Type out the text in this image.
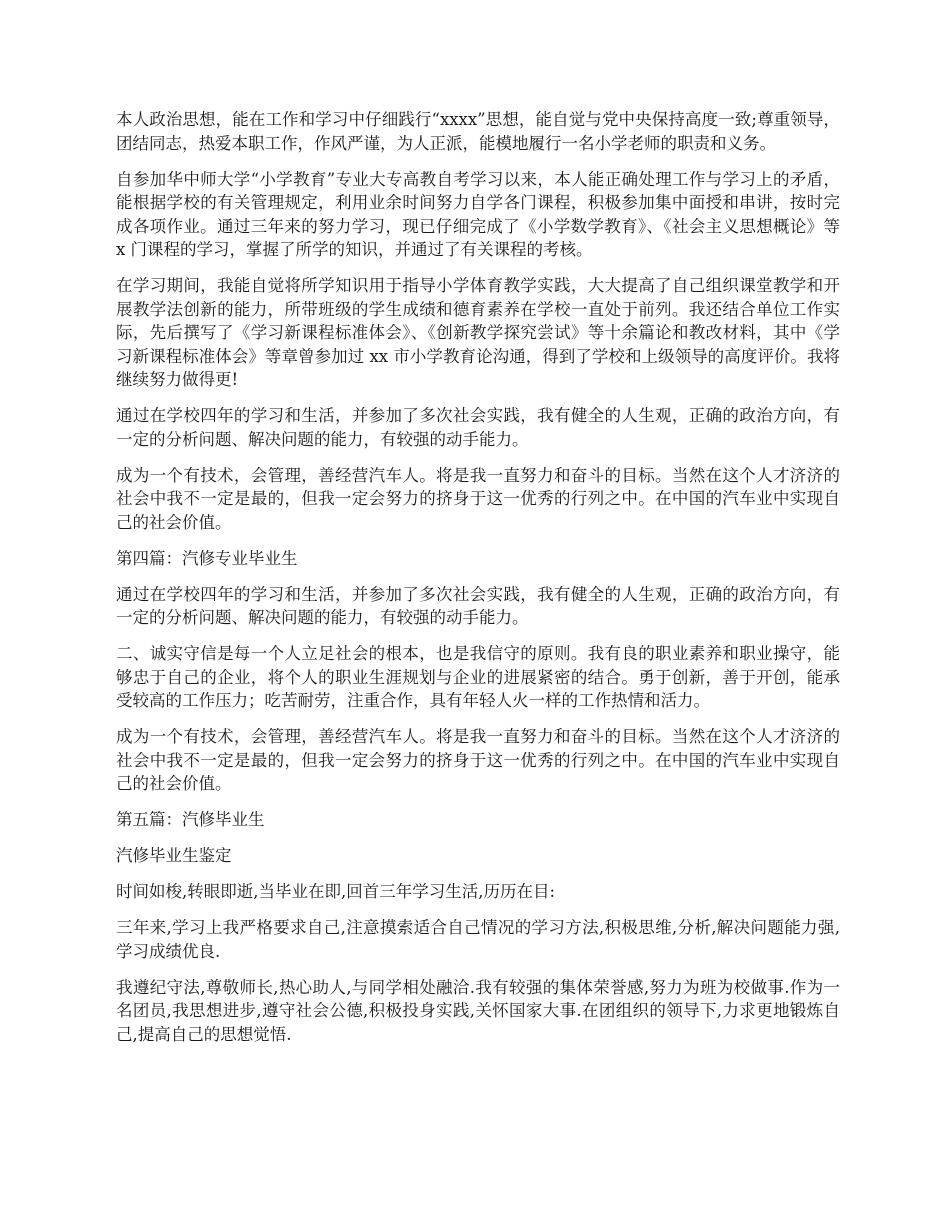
本人政治思想，能在工作和学习中仔细践行“xxxx”思想，能自觉与党中央保持高度一致;尊重领导，团结同志，热爱本职工作，作风严谨，为人正派，能模地履行一名小学老师的职责和义务。

自参加华中师大学“小学教育”专业大专高教自考学习以来，本人能正确处理工作与学习上的矛盾，能根据学校的有关管理规定，利用业余时间努力自学各门课程，积极参加集中面授和串讲，按时完成各项作业。通过三年来的努力学习，现已仔细完成了《小学数学教育》、《社会主义思想概论》等 x 门课程的学习，掌握了所学的知识，并通过了有关课程的考核。

在学习期间，我能自觉将所学知识用于指导小学体育教学实践，大大提高了自己组织课堂教学和开展教学法创新的能力，所带班级的学生成绩和德育素养在学校一直处于前列。我还结合单位工作实际，先后撰写了《学习新课程标准体会》、《创新教学探究尝试》等十余篇论和教改材料，其中《学习新课程标准体会》等章曾参加过 xx 市小学教育论沟通，得到了学校和上级领导的高度评价。我将继续努力做得更!

通过在学校四年的学习和生活，并参加了多次社会实践，我有健全的人生观，正确的政治方向，有一定的分析问题、解决问题的能力，有较强的动手能力。

成为一个有技术，会管理，善经营汽车人。将是我一直努力和奋斗的目标。当然在这个人才济济的社会中我不一定是最的，但我一定会努力的挤身于这一优秀的行列之中。在中国的汽车业中实现自己的社会价值。

第四篇：汽修专业毕业生

通过在学校四年的学习和生活，并参加了多次社会实践，我有健全的人生观，正确的政治方向，有一定的分析问题、解决问题的能力，有较强的动手能力。

二、诚实守信是每一个人立足社会的根本，也是我信守的原则。我有良的职业素养和职业操守，能够忠于自己的企业，将个人的职业生涯规划与企业的进展紧密的结合。勇于创新，善于开创，能承受较高的工作压力；吃苦耐劳，注重合作，具有年轻人火一样的工作热情和活力。

成为一个有技术，会管理，善经营汽车人。将是我一直努力和奋斗的目标。当然在这个人才济济的社会中我不一定是最的，但我一定会努力的挤身于这一优秀的行列之中。在中国的汽车业中实现自己的社会价值。

第五篇：汽修毕业生

汽修毕业生鉴定

时间如梭,转眼即逝,当毕业在即,回首三年学习生活,历历在目:

三年来,学习上我严格要求自己,注意摸索适合自己情况的学习方法,积极思维,分析,解决问题能力强,学习成绩优良.

我遵纪守法,尊敬师长,热心助人,与同学相处融洽.我有较强的集体荣誉感,努力为班为校做事.作为一名团员,我思想进步,遵守社会公德,积极投身实践,关怀国家大事.在团组织的领导下,力求更地锻炼自己,提高自己的思想觉悟.
